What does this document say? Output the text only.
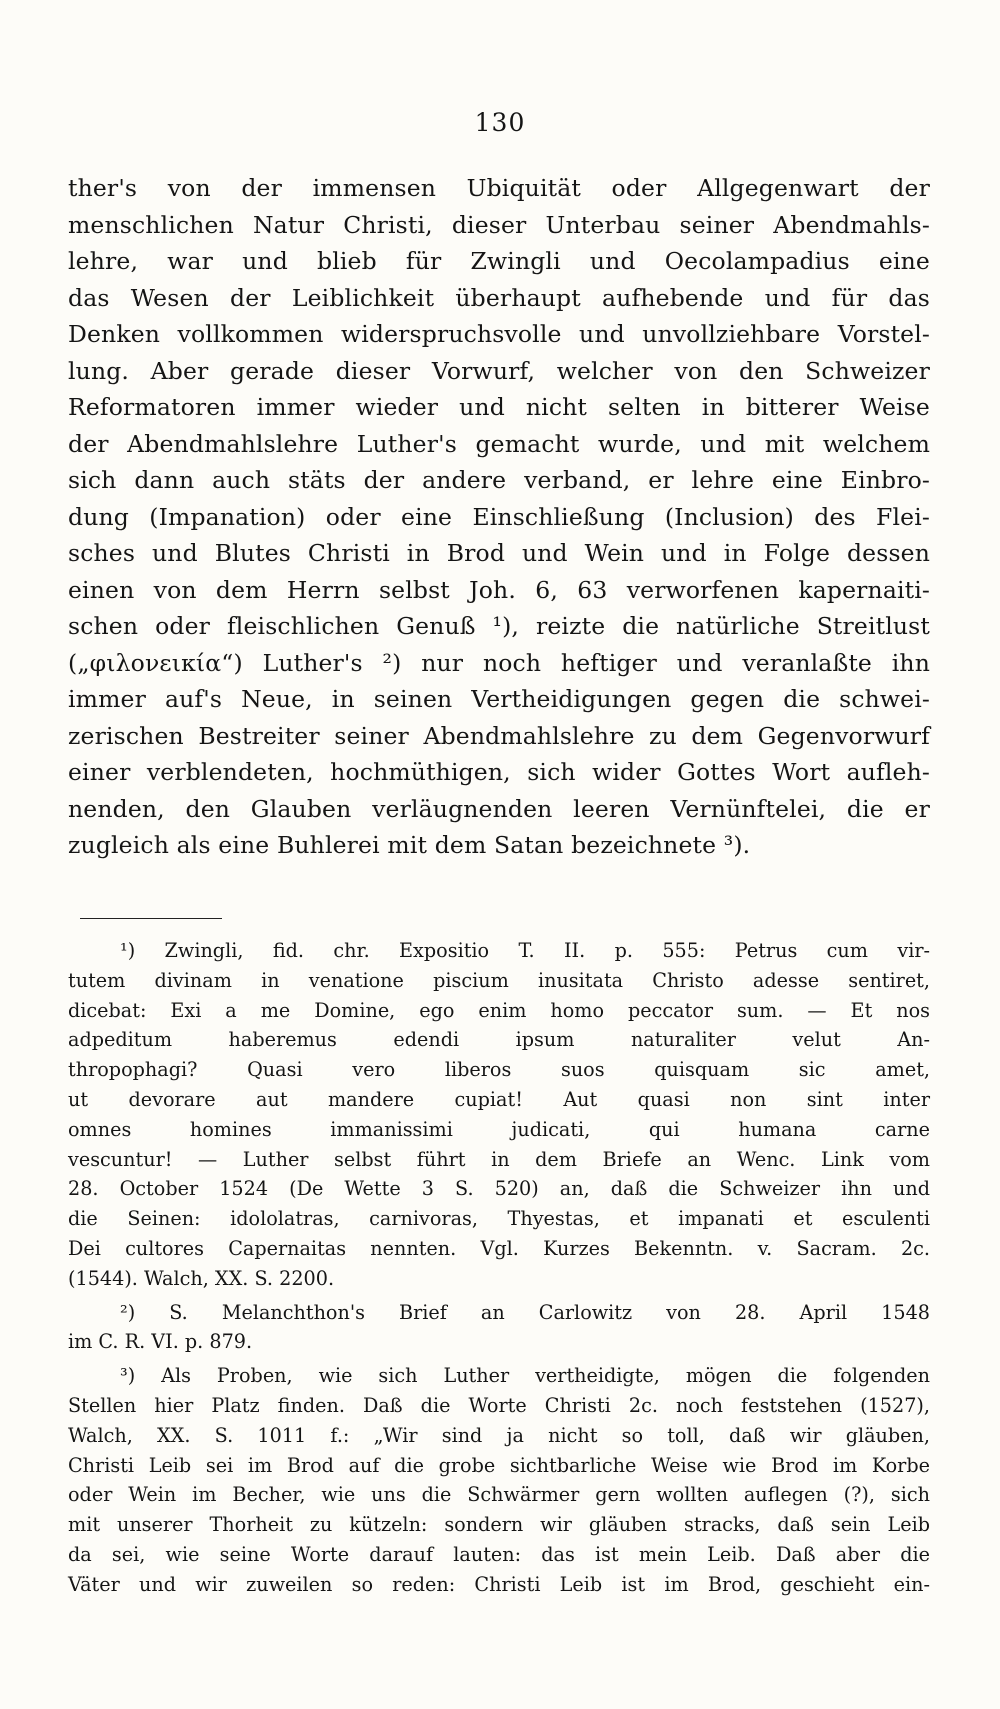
130
ther's von der immensen Ubiquität oder Allgegenwart der
menschlichen Natur Christi, dieser Unterbau seiner Abendmahls-
lehre, war und blieb für Zwingli und Oecolampadius eine
das Wesen der Leiblichkeit überhaupt aufhebende und für das
Denken vollkommen widerspruchsvolle und unvollziehbare Vorstel-
lung. Aber gerade dieser Vorwurf, welcher von den Schweizer
Reformatoren immer wieder und nicht selten in bitterer Weise
der Abendmahlslehre Luther's gemacht wurde, und mit welchem
sich dann auch stäts der andere verband, er lehre eine Einbro-
dung (Impanation) oder eine Einschließung (Inclusion) des Flei-
sches und Blutes Christi in Brod und Wein und in Folge dessen
einen von dem Herrn selbst Joh. 6, 63 verworfenen kapernaiti-
schen oder fleischlichen Genuß ¹), reizte die natürliche Streitlust
(„φιλονεικία“) Luther's ²) nur noch heftiger und veranlaßte ihn
immer auf's Neue, in seinen Vertheidigungen gegen die schwei-
zerischen Bestreiter seiner Abendmahlslehre zu dem Gegenvorwurf
einer verblendeten, hochmüthigen, sich wider Gottes Wort aufleh-
nenden, den Glauben verläugnenden leeren Vernünftelei, die er
zugleich als eine Buhlerei mit dem Satan bezeichnete ³).
¹) Zwingli, fid. chr. Expositio T. II. p. 555: Petrus cum vir-
tutem divinam in venatione piscium inusitata Christo adesse sentiret,
dicebat: Exi a me Domine, ego enim homo peccator sum. — Et nos
adpeditum haberemus edendi ipsum naturaliter velut An-
thropophagi? Quasi vero liberos suos quisquam sic amet,
ut devorare aut mandere cupiat! Aut quasi non sint inter
omnes homines immanissimi judicati, qui humana carne
vescuntur! — Luther selbst führt in dem Briefe an Wenc. Link vom
28. October 1524 (De Wette 3 S. 520) an, daß die Schweizer ihn und
die Seinen: idololatras, carnivoras, Thyestas, et impanati et esculenti
Dei cultores Capernaitas nennten. Vgl. Kurzes Bekenntn. v. Sacram. 2c.
(1544). Walch, XX. S. 2200.
²) S. Melanchthon's Brief an Carlowitz von 28. April 1548
im C. R. VI. p. 879.
³) Als Proben, wie sich Luther vertheidigte, mögen die folgenden
Stellen hier Platz finden. Daß die Worte Christi 2c. noch feststehen (1527),
Walch, XX. S. 1011 f.: „Wir sind ja nicht so toll, daß wir gläuben,
Christi Leib sei im Brod auf die grobe sichtbarliche Weise wie Brod im Korbe
oder Wein im Becher, wie uns die Schwärmer gern wollten auflegen (?), sich
mit unserer Thorheit zu kützeln: sondern wir gläuben stracks, daß sein Leib
da sei, wie seine Worte darauf lauten: das ist mein Leib. Daß aber die
Väter und wir zuweilen so reden: Christi Leib ist im Brod, geschieht ein-
